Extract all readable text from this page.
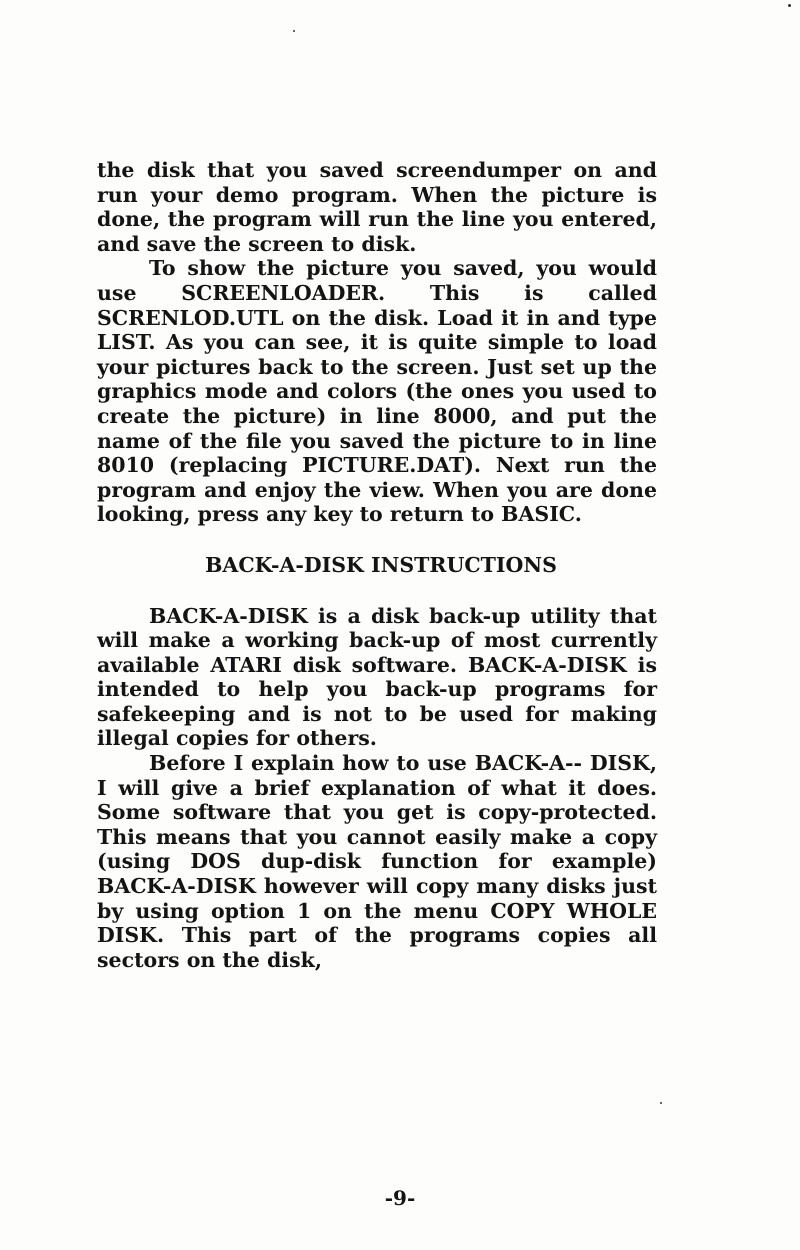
the disk that you saved screendumper on and run your demo program. When the picture is done, the program will run the line you entered, and save the screen to disk.

To show the picture you saved, you would use SCREENLOADER. This is called SCRENLOD.UTL on the disk. Load it in and type LIST. As you can see, it is quite simple to load your pictures back to the screen. Just set up the graphics mode and colors (the ones you used to create the picture) in line 8000, and put the name of the file you saved the picture to in line 8010 (replacing PICTURE.DAT). Next run the program and enjoy the view. When you are done looking, press any key to return to BASIC.

BACK-A-DISK INSTRUCTIONS

BACK-A-DISK is a disk back-up utility that will make a working back-up of most currently available ATARI disk software. BACK-A-DISK is intended to help you back-up programs for safekeeping and is not to be used for making illegal copies for others.

Before I explain how to use BACK-A-- DISK, I will give a brief explanation of what it does. Some software that you get is copy-protected. This means that you cannot easily make a copy (using DOS dup-disk function for example) BACK-A-DISK however will copy many disks just by using option 1 on the menu COPY WHOLE DISK. This part of the programs copies all sectors on the disk,

-9-
